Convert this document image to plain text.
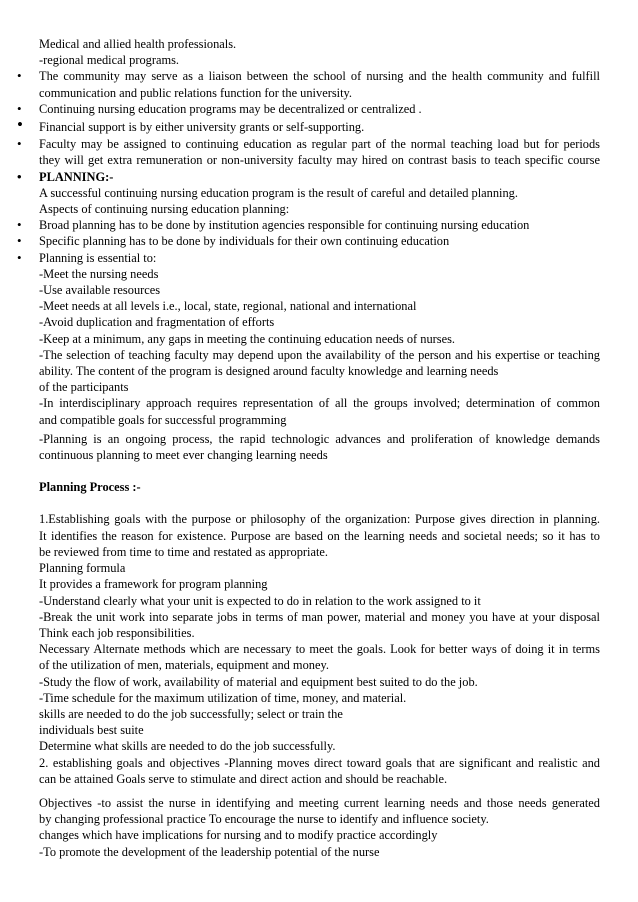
Medical and allied health professionals.
-regional medical programs.
• The community may serve as a liaison between the school of nursing and the health community and fulfill
communication and public relations function for the university.
• Continuing nursing education programs may be decentralized or centralized .
• Financial support is by either university grants or self-supporting.
• Faculty may be assigned to continuing education as regular part of the normal teaching load but for periods
they will get extra remuneration or non-university faculty may hired on contrast basis to teach specific course
• PLANNING:-
A successful continuing nursing education program is the result of careful and detailed planning.
Aspects of continuing nursing education planning:
• Broad planning has to be done by institution agencies responsible for continuing nursing education
• Specific planning has to be done by individuals for their own continuing education
• Planning is essential to:
-Meet the nursing needs
-Use available resources
-Meet needs at all levels i.e., local, state, regional, national and international
-Avoid duplication and fragmentation of efforts
-Keep at a minimum, any gaps in meeting the continuing education needs of nurses.
-The selection of teaching faculty may depend upon the availability of the person and his expertise or teaching
ability. The content of the program is designed around faculty knowledge and learning needs
of the participants
-In interdisciplinary approach requires representation of all the groups involved; determination of common
and compatible goals for successful programming
-Planning is an ongoing process, the rapid technologic advances and proliferation of knowledge demands
continuous planning to meet ever changing learning needs
Planning Process :-
1.Establishing goals with the purpose or philosophy of the organization: Purpose gives direction in planning.
It identifies the reason for existence. Purpose are based on the learning needs and societal needs; so it has to
be reviewed from time to time and restated as appropriate.
Planning formula
It provides a framework for program planning
-Understand clearly what your unit is expected to do in relation to the work assigned to it
-Break the unit work into separate jobs in terms of man power, material and money you have at your disposal
Think each job responsibilities.
Necessary Alternate methods which are necessary to meet the goals. Look for better ways of doing it in terms
of the utilization of men, materials, equipment and money.
-Study the flow of work, availability of material and equipment best suited to do the job.
-Time schedule for the maximum utilization of time, money, and material.
skills are needed to do the job successfully; select or train the
individuals best suite
Determine what skills are needed to do the job successfully.
2. establishing goals and objectives -Planning moves direct toward goals that are significant and realistic and
can be attained Goals serve to stimulate and direct action and should be reachable.
Objectives -to assist the nurse in identifying and meeting current learning needs and those needs generated
by changing professional practice To encourage the nurse to identify and influence society.
changes which have implications for nursing and to modify practice accordingly
-To promote the development of the leadership potential of the nurse
